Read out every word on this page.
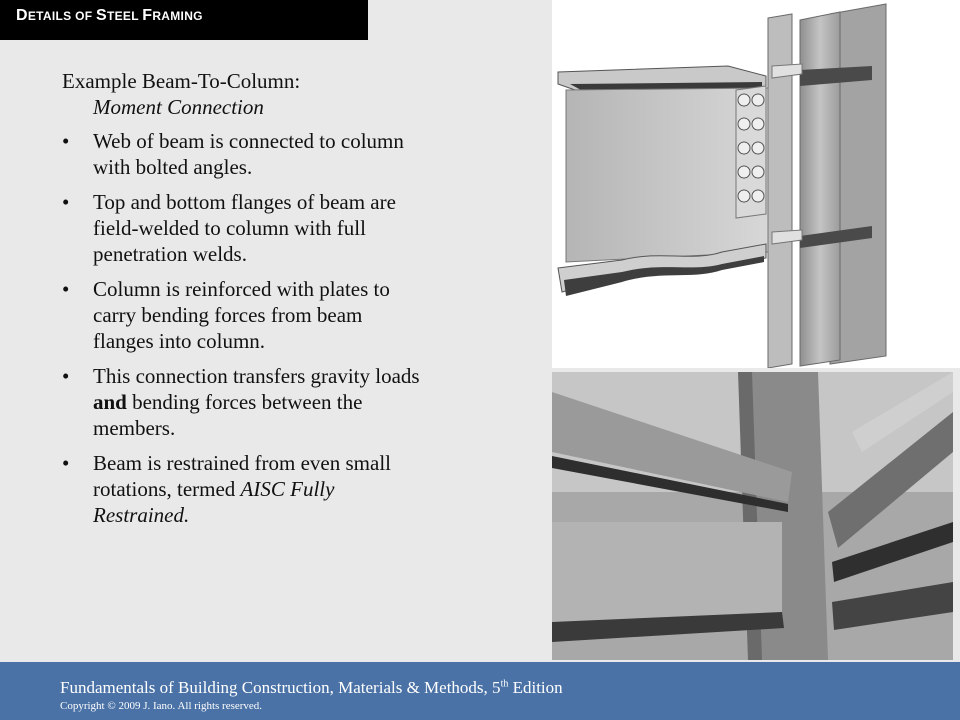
DETAILS OF STEEL FRAMING

Example Beam-To-Column:
Moment Connection

• Web of beam is connected to column with bolted angles.
• Top and bottom flanges of beam are field-welded to column with full penetration welds.
• Column is reinforced with plates to carry bending forces from beam flanges into column.
• This connection transfers gravity loads and bending forces between the members.
• Beam is restrained from even small rotations, termed AISC Fully Restrained.
Fundamentals of Building Construction, Materials & Methods, 5th Edition
Copyright © 2009 J. Iano. All rights reserved.
